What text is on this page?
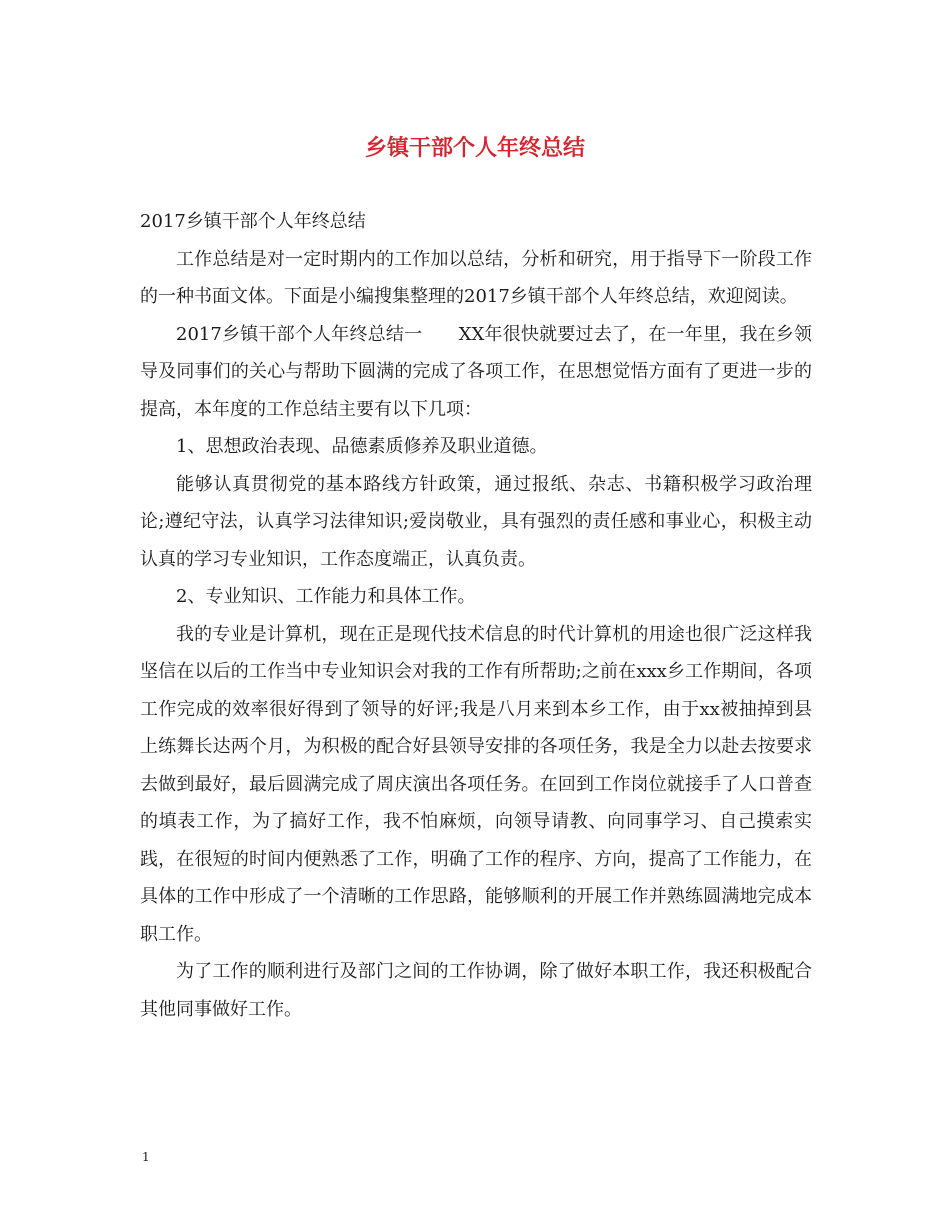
乡镇干部个人年终总结

2017乡镇干部个人年终总结

工作总结是对一定时期内的工作加以总结，分析和研究，用于指导下一阶段工作的一种书面文体。下面是小编搜集整理的2017乡镇干部个人年终总结，欢迎阅读。

2017乡镇干部个人年终总结一　　XX年很快就要过去了，在一年里，我在乡领导及同事们的关心与帮助下圆满的完成了各项工作，在思想觉悟方面有了更进一步的提高，本年度的工作总结主要有以下几项：

1、思想政治表现、品德素质修养及职业道德。

能够认真贯彻党的基本路线方针政策，通过报纸、杂志、书籍积极学习政治理论;遵纪守法，认真学习法律知识;爱岗敬业，具有强烈的责任感和事业心，积极主动认真的学习专业知识，工作态度端正，认真负责。

2、专业知识、工作能力和具体工作。

我的专业是计算机，现在正是现代技术信息的时代计算机的用途也很广泛这样我坚信在以后的工作当中专业知识会对我的工作有所帮助;之前在xxx乡工作期间，各项工作完成的效率很好得到了领导的好评;我是八月来到本乡工作，由于xx被抽掉到县上练舞长达两个月，为积极的配合好县领导安排的各项任务，我是全力以赴去按要求去做到最好，最后圆满完成了周庆演出各项任务。在回到工作岗位就接手了人口普查的填表工作，为了搞好工作，我不怕麻烦，向领导请教、向同事学习、自己摸索实践，在很短的时间内便熟悉了工作，明确了工作的程序、方向，提高了工作能力，在具体的工作中形成了一个清晰的工作思路，能够顺利的开展工作并熟练圆满地完成本职工作。

为了工作的顺利进行及部门之间的工作协调，除了做好本职工作，我还积极配合其他同事做好工作。

1
